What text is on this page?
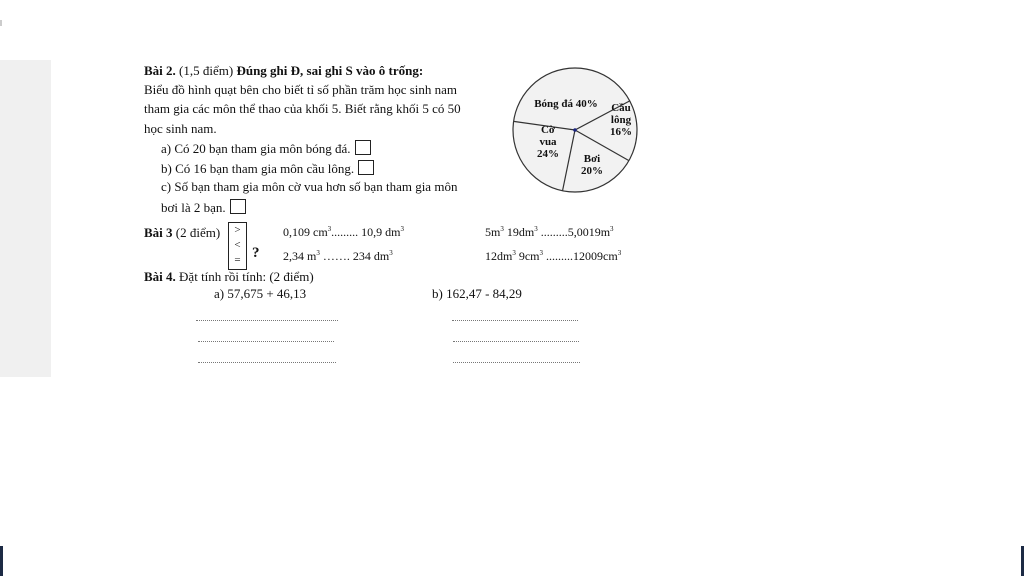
Bài 2. (1,5 điểm) Đúng ghi Đ, sai ghi S vào ô trống:
Biểu đồ hình quạt bên cho biết tỉ số phần trăm học sinh nam
tham gia các môn thể thao của khối 5. Biết rằng khối 5 có 50
học sinh nam.
a) Có 20 bạn tham gia môn bóng đá.
b) Có 16 bạn tham gia môn cầu lông.
c) Số bạn tham gia môn cờ vua hơn số bạn tham gia môn
bơi là 2 bạn.
Bóng đá 40% Cầu
lông
16%
Bơi
20%
Cờ
vua
24%
Bài 3 (2 điểm)	>
<
= ?
0,109 $cm^3$......... 10,9 $dm^3$	$5m^3$ $19dm^3$ $.........5,0019m^3$
2,34 $m^3$ ……. 234 $dm^3$	$12dm^3$ $9cm^3$ $.........12009cm^3$
Bài 4. Đặt tính rồi tính: (2 điểm)
a) 57,675 + 46,13	b) 162,47 - 84,29
